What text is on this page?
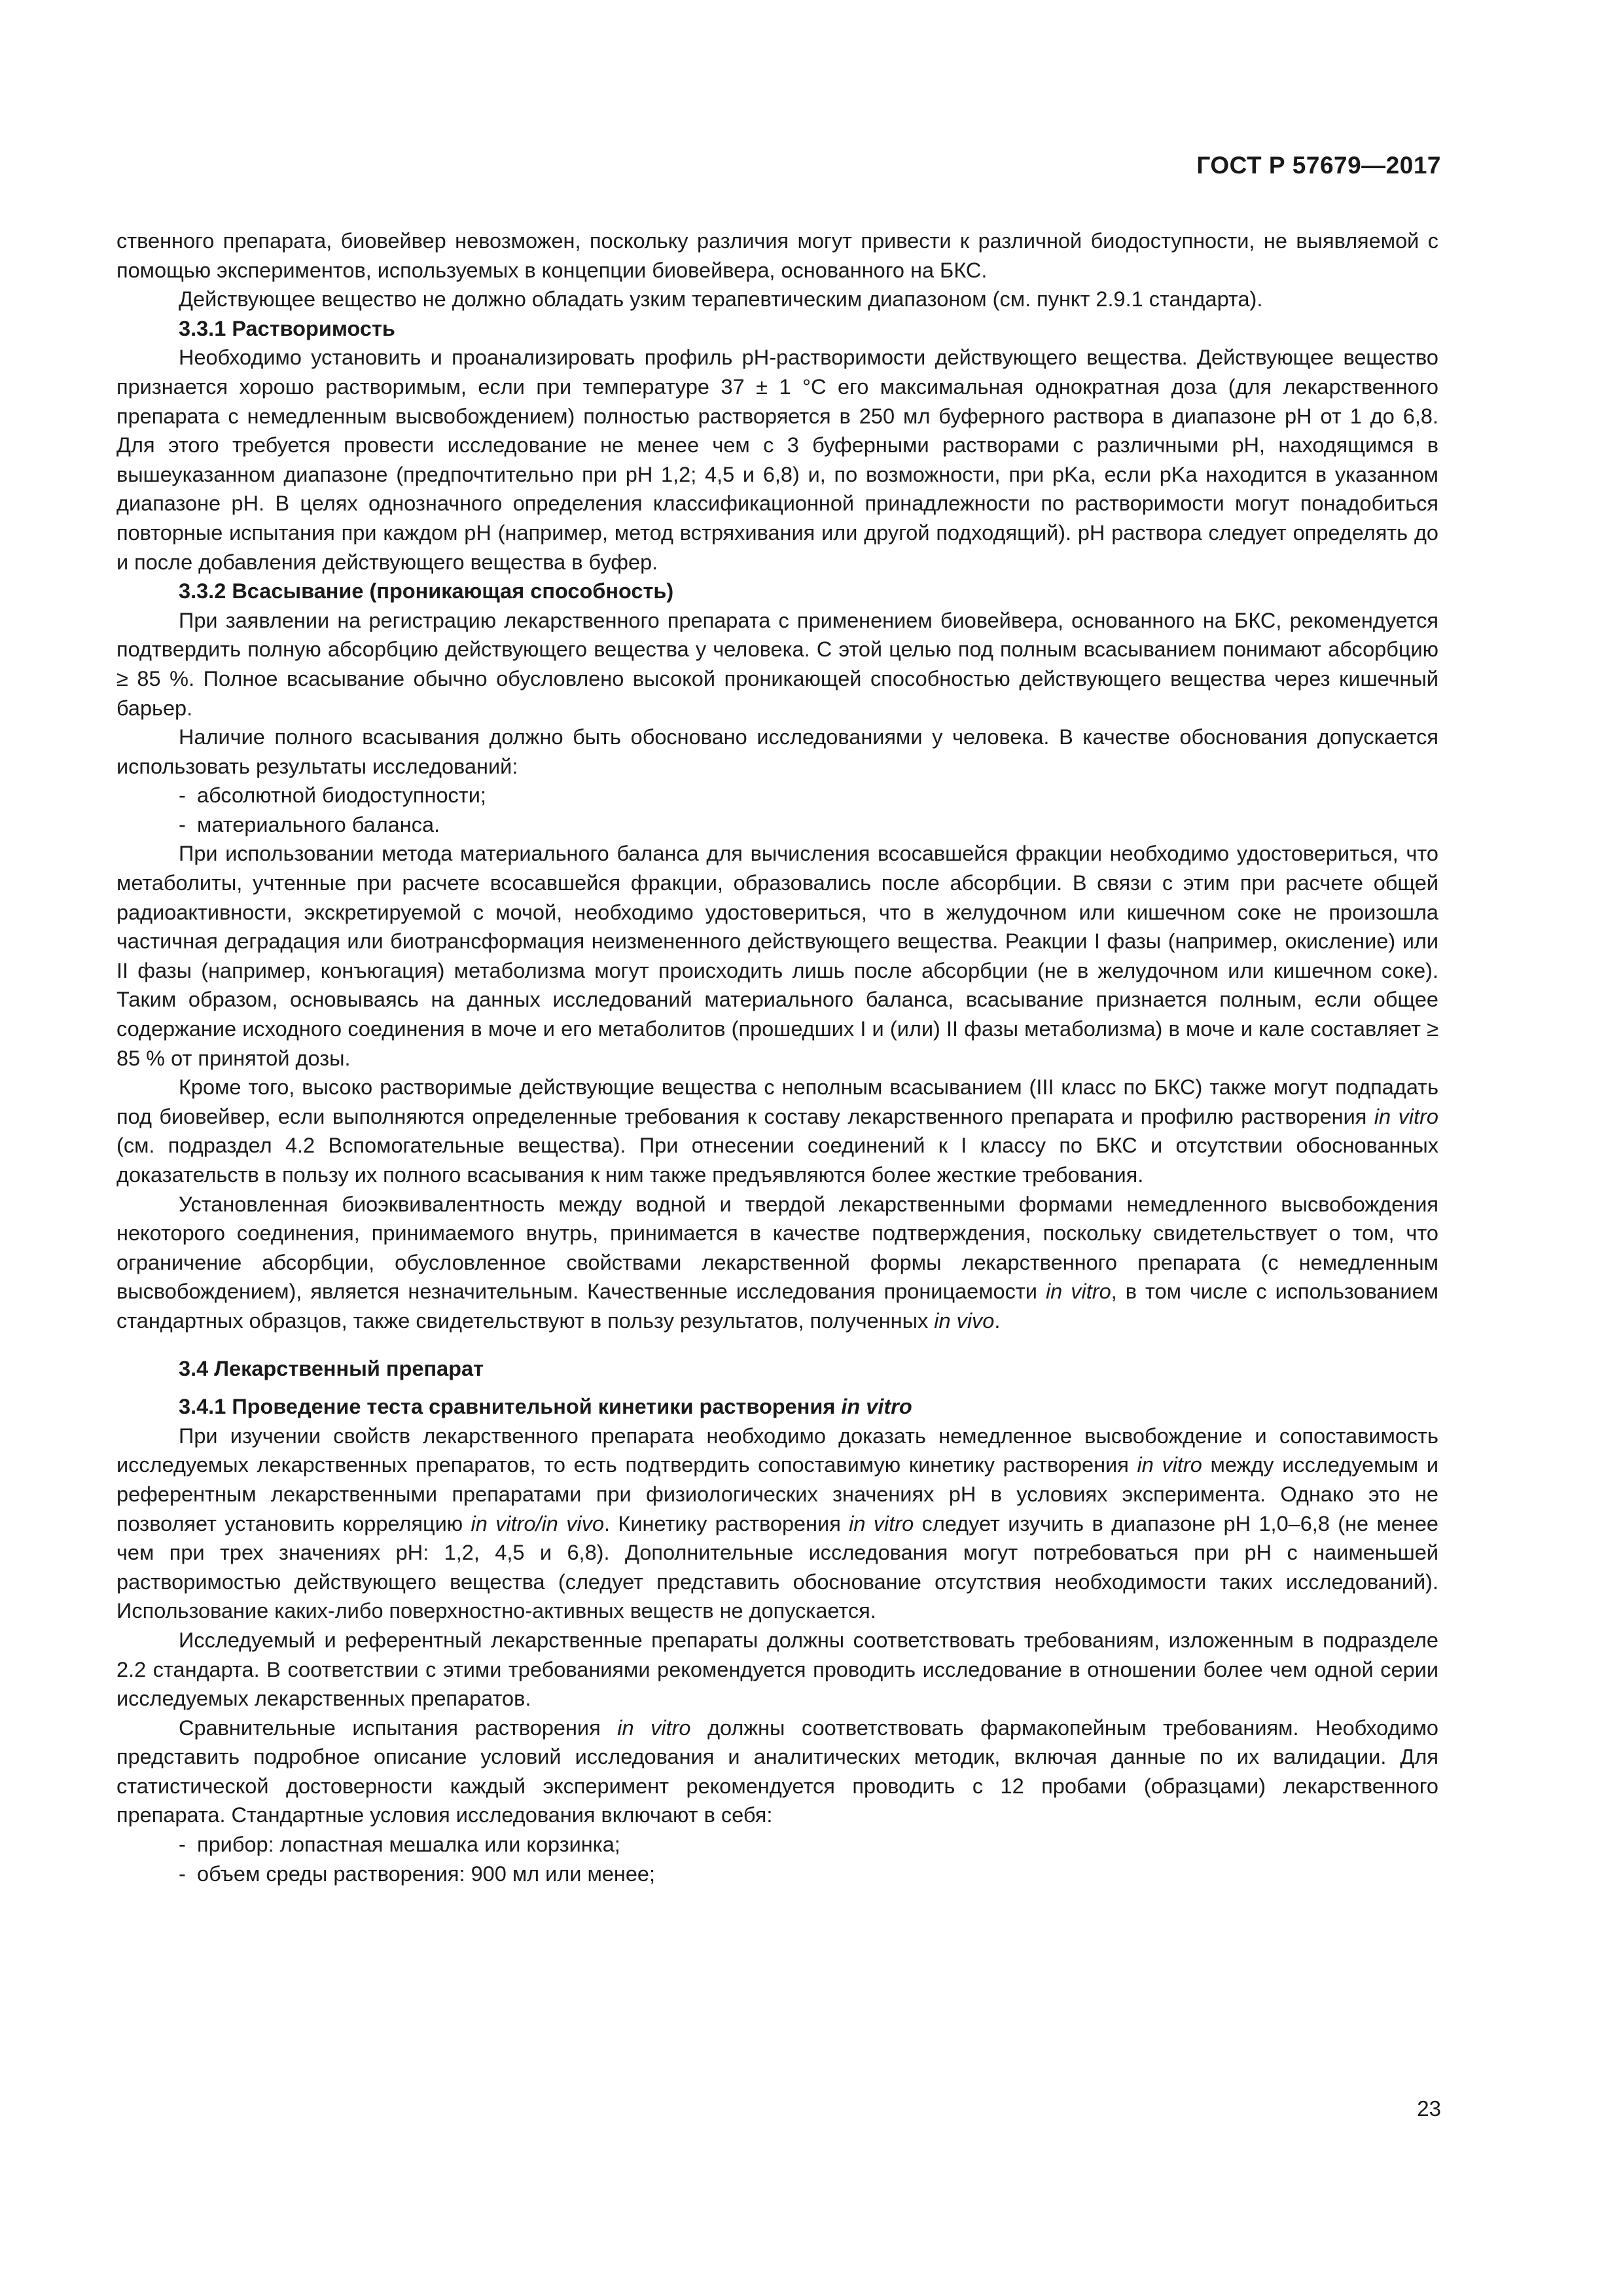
ГОСТ Р 57679—2017

ственного препарата, биовейвер невозможен, поскольку различия могут привести к различной биодоступности, не выявляемой с помощью экспериментов, используемых в концепции биовейвера, основанного на БКС.

Действующее вещество не должно обладать узким терапевтическим диапазоном (см. пункт 2.9.1 стандарта).

3.3.1 Растворимость

Необходимо установить и проанализировать профиль pH-растворимости действующего вещества. Действующее вещество признается хорошо растворимым, если при температуре 37 ± 1 °С его максимальная однократная доза (для лекарственного препарата с немедленным высвобождением) полностью растворяется в 250 мл буферного раствора в диапазоне pH от 1 до 6,8. Для этого требуется провести исследование не менее чем с 3 буферными растворами с различными pH, находящимся в вышеуказанном диапазоне (предпочтительно при pH 1,2; 4,5 и 6,8) и, по возможности, при pKa, если pKa находится в указанном диапазоне pH. В целях однозначного определения классификационной принадлежности по растворимости могут понадобиться повторные испытания при каждом pH (например, метод встряхивания или другой подходящий). pH раствора следует определять до и после добавления действующего вещества в буфер.

3.3.2 Всасывание (проникающая способность)

При заявлении на регистрацию лекарственного препарата с применением биовейвера, основанного на БКС, рекомендуется подтвердить полную абсорбцию действующего вещества у человека. С этой целью под полным всасыванием понимают абсорбцию ≥ 85 %. Полное всасывание обычно обусловлено высокой проникающей способностью действующего вещества через кишечный барьер.

Наличие полного всасывания должно быть обосновано исследованиями у человека. В качестве обоснования допускается использовать результаты исследований:

- абсолютной биодоступности;
- материального баланса.

При использовании метода материального баланса для вычисления всосавшейся фракции необходимо удостовериться, что метаболиты, учтенные при расчете всосавшейся фракции, образовались после абсорбции. В связи с этим при расчете общей радиоактивности, экскретируемой с мочой, необходимо удостовериться, что в желудочном или кишечном соке не произошла частичная деградация или биотрансформация неизмененного действующего вещества. Реакции I фазы (например, окисление) или II фазы (например, конъюгация) метаболизма могут происходить лишь после абсорбции (не в желудочном или кишечном соке). Таким образом, основываясь на данных исследований материального баланса, всасывание признается полным, если общее содержание исходного соединения в моче и его метаболитов (прошедших I и (или) II фазы метаболизма) в моче и кале составляет ≥ 85 % от принятой дозы.

Кроме того, высоко растворимые действующие вещества с неполным всасыванием (III класс по БКС) также могут подпадать под биовейвер, если выполняются определенные требования к составу лекарственного препарата и профилю растворения in vitro (см. подраздел 4.2 Вспомогательные вещества). При отнесении соединений к I классу по БКС и отсутствии обоснованных доказательств в пользу их полного всасывания к ним также предъявляются более жесткие требования.

Установленная биоэквивалентность между водной и твердой лекарственными формами немедленного высвобождения некоторого соединения, принимаемого внутрь, принимается в качестве подтверждения, поскольку свидетельствует о том, что ограничение абсорбции, обусловленное свойствами лекарственной формы лекарственного препарата (с немедленным высвобождением), является незначительным. Качественные исследования проницаемости in vitro, в том числе с использованием стандартных образцов, также свидетельствуют в пользу результатов, полученных in vivo.

3.4 Лекарственный препарат
3.4.1 Проведение теста сравнительной кинетики растворения in vitro

При изучении свойств лекарственного препарата необходимо доказать немедленное высвобождение и сопоставимость исследуемых лекарственных препаратов, то есть подтвердить сопоставимую кинетику растворения in vitro между исследуемым и референтным лекарственными препаратами при физиологических значениях pH в условиях эксперимента. Однако это не позволяет установить корреляцию in vitro/in vivo. Кинетику растворения in vitro следует изучить в диапазоне pH 1,0–6,8 (не менее чем при трех значениях pH: 1,2, 4,5 и 6,8). Дополнительные исследования могут потребоваться при pH с наименьшей растворимостью действующего вещества (следует представить обоснование отсутствия необходимости таких исследований). Использование каких-либо поверхностно-активных веществ не допускается.

Исследуемый и референтный лекарственные препараты должны соответствовать требованиям, изложенным в подразделе 2.2 стандарта. В соответствии с этими требованиями рекомендуется проводить исследование в отношении более чем одной серии исследуемых лекарственных препаратов.

Сравнительные испытания растворения in vitro должны соответствовать фармакопейным требованиям. Необходимо представить подробное описание условий исследования и аналитических методик, включая данные по их валидации. Для статистической достоверности каждый эксперимент рекомендуется проводить с 12 пробами (образцами) лекарственного препарата. Стандартные условия исследования включают в себя:

- прибор: лопастная мешалка или корзинка;
- объем среды растворения: 900 мл или менее;
23
